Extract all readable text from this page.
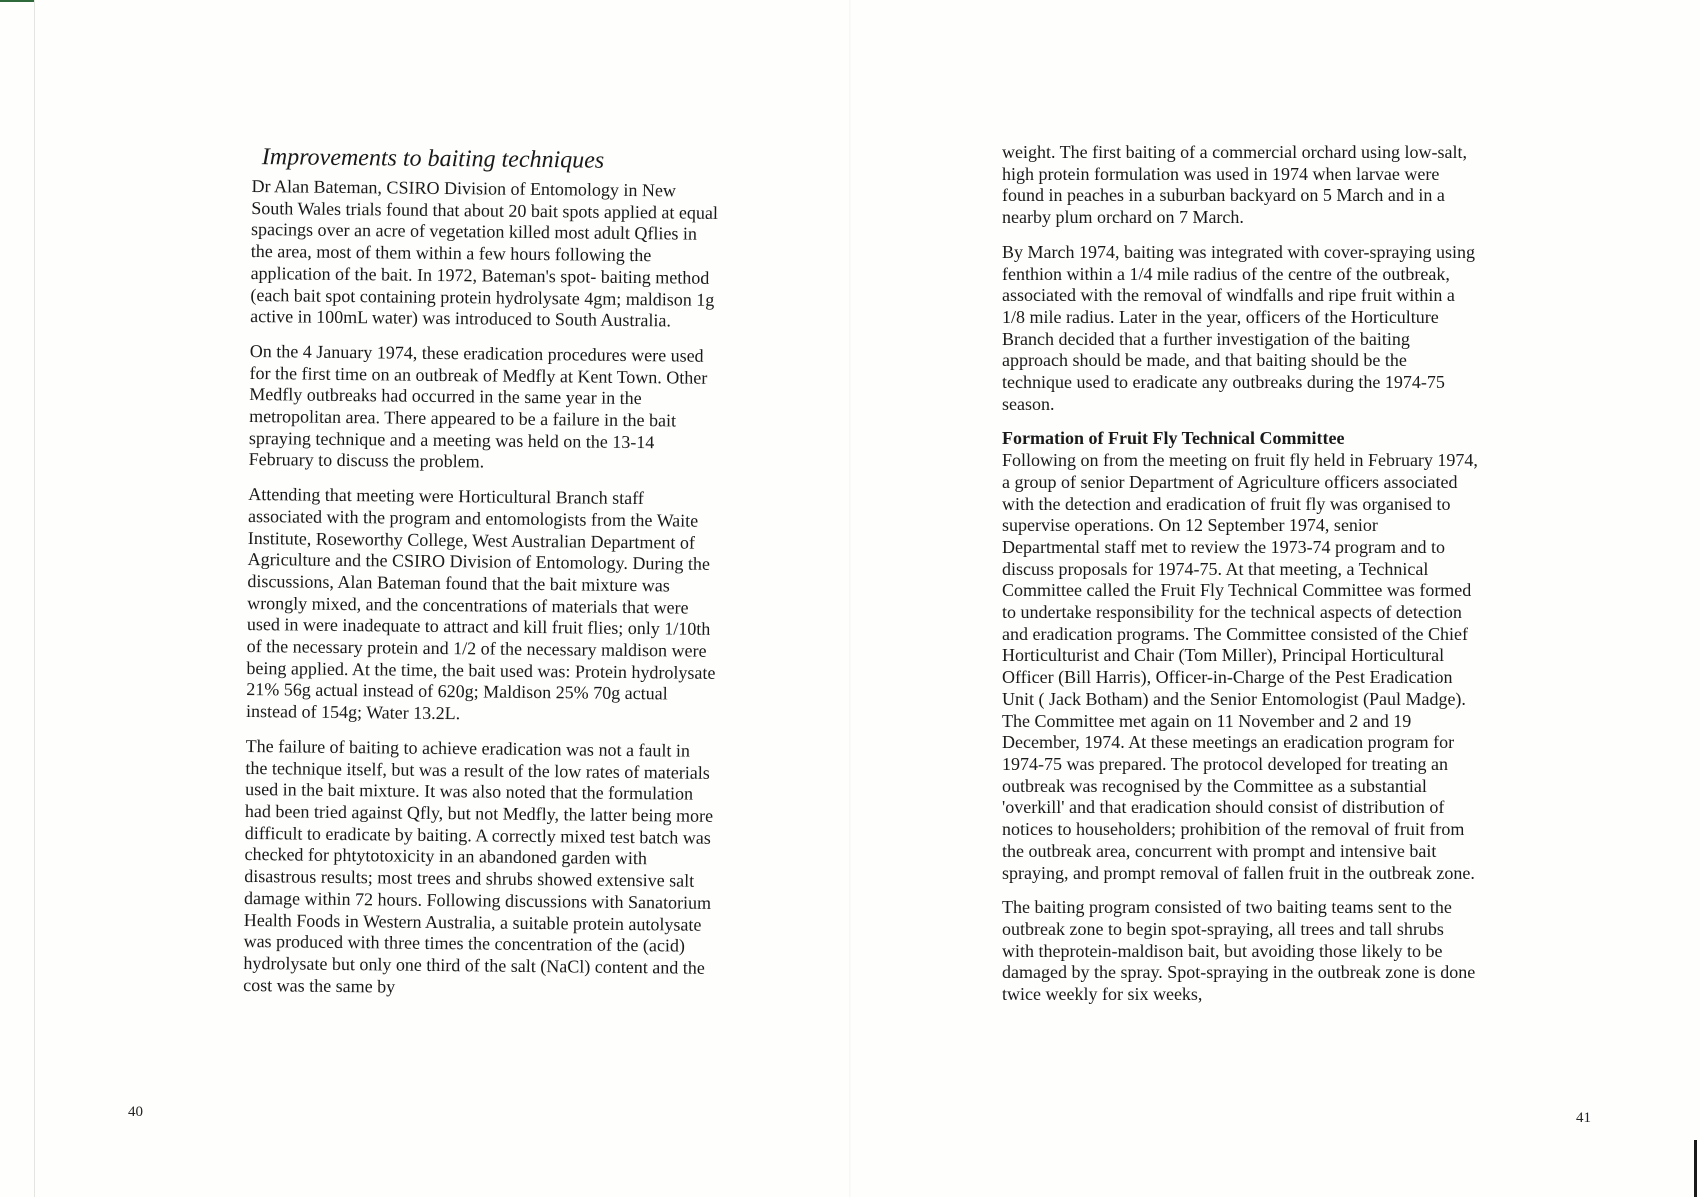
Improvements to baiting techniques

Dr Alan Bateman, CSIRO Division of Entomology in New South Wales trials found that about 20 bait spots applied at equal spacings over an acre of vegetation killed most adult Qflies in the area, most of them within a few hours following the application of the bait. In 1972, Bateman's spot- baiting method (each bait spot containing protein hydrolysate 4gm; maldison 1g active in 100mL water) was introduced to South Australia.

On the 4 January 1974, these eradication procedures were used for the first time on an outbreak of Medfly at Kent Town. Other Medfly outbreaks had occurred in the same year in the metropolitan area. There appeared to be a failure in the bait spraying technique and a meeting was held on the 13-14 February to discuss the problem.

Attending that meeting were Horticultural Branch staff associated with the program and entomologists from the Waite Institute, Roseworthy College, West Australian Department of Agriculture and the CSIRO Division of Entomology. During the discussions, Alan Bateman found that the bait mixture was wrongly mixed, and the concentrations of materials that were used in were inadequate to attract and kill fruit flies; only 1/10th of the necessary protein and 1/2 of the necessary maldison were being applied. At the time, the bait used was: Protein hydrolysate 21% 56g actual instead of 620g; Maldison 25% 70g actual instead of 154g; Water 13.2L.

The failure of baiting to achieve eradication was not a fault in the technique itself, but was a result of the low rates of materials used in the bait mixture. It was also noted that the formulation had been tried against Qfly, but not Medfly, the latter being more difficult to eradicate by baiting. A correctly mixed test batch was checked for phtytotoxicity in an abandoned garden with disastrous results; most trees and shrubs showed extensive salt damage within 72 hours. Following discussions with Sanatorium Health Foods in Western Australia, a suitable protein autolysate was produced with three times the concentration of the (acid) hydrolysate but only one third of the salt (NaCl) content and the cost was the same by

weight. The first baiting of a commercial orchard using low-salt, high protein formulation was used in 1974 when larvae were found in peaches in a suburban backyard on 5 March and in a nearby plum orchard on 7 March.

By March 1974, baiting was integrated with cover-spraying using fenthion within a 1/4 mile radius of the centre of the outbreak, associated with the removal of windfalls and ripe fruit within a 1/8 mile radius. Later in the year, officers of the Horticulture Branch decided that a further investigation of the baiting approach should be made, and that baiting should be the technique used to eradicate any outbreaks during the 1974-75 season.

Formation of Fruit Fly Technical Committee

Following on from the meeting on fruit fly held in February 1974, a group of senior Department of Agriculture officers associated with the detection and eradication of fruit fly was organised to supervise operations. On 12 September 1974, senior Departmental staff met to review the 1973-74 program and to discuss proposals for 1974-75. At that meeting, a Technical Committee called the Fruit Fly Technical Committee was formed to undertake responsibility for the technical aspects of detection and eradication programs. The Committee consisted of the Chief Horticulturist and Chair (Tom Miller), Principal Horticultural Officer (Bill Harris), Officer-in-Charge of the Pest Eradication Unit ( Jack Botham) and the Senior Entomologist (Paul Madge). The Committee met again on 11 November and 2 and 19 December, 1974. At these meetings an eradication program for 1974-75 was prepared. The protocol developed for treating an outbreak was recognised by the Committee as a substantial 'overkill' and that eradication should consist of distribution of notices to householders; prohibition of the removal of fruit from the outbreak area, concurrent with prompt and intensive bait spraying, and prompt removal of fallen fruit in the outbreak zone.

The baiting program consisted of two baiting teams sent to the outbreak zone to begin spot-spraying, all trees and tall shrubs with theprotein-maldison bait, but avoiding those likely to be damaged by the spray. Spot-spraying in the outbreak zone is done twice weekly for six weeks,

40	41
